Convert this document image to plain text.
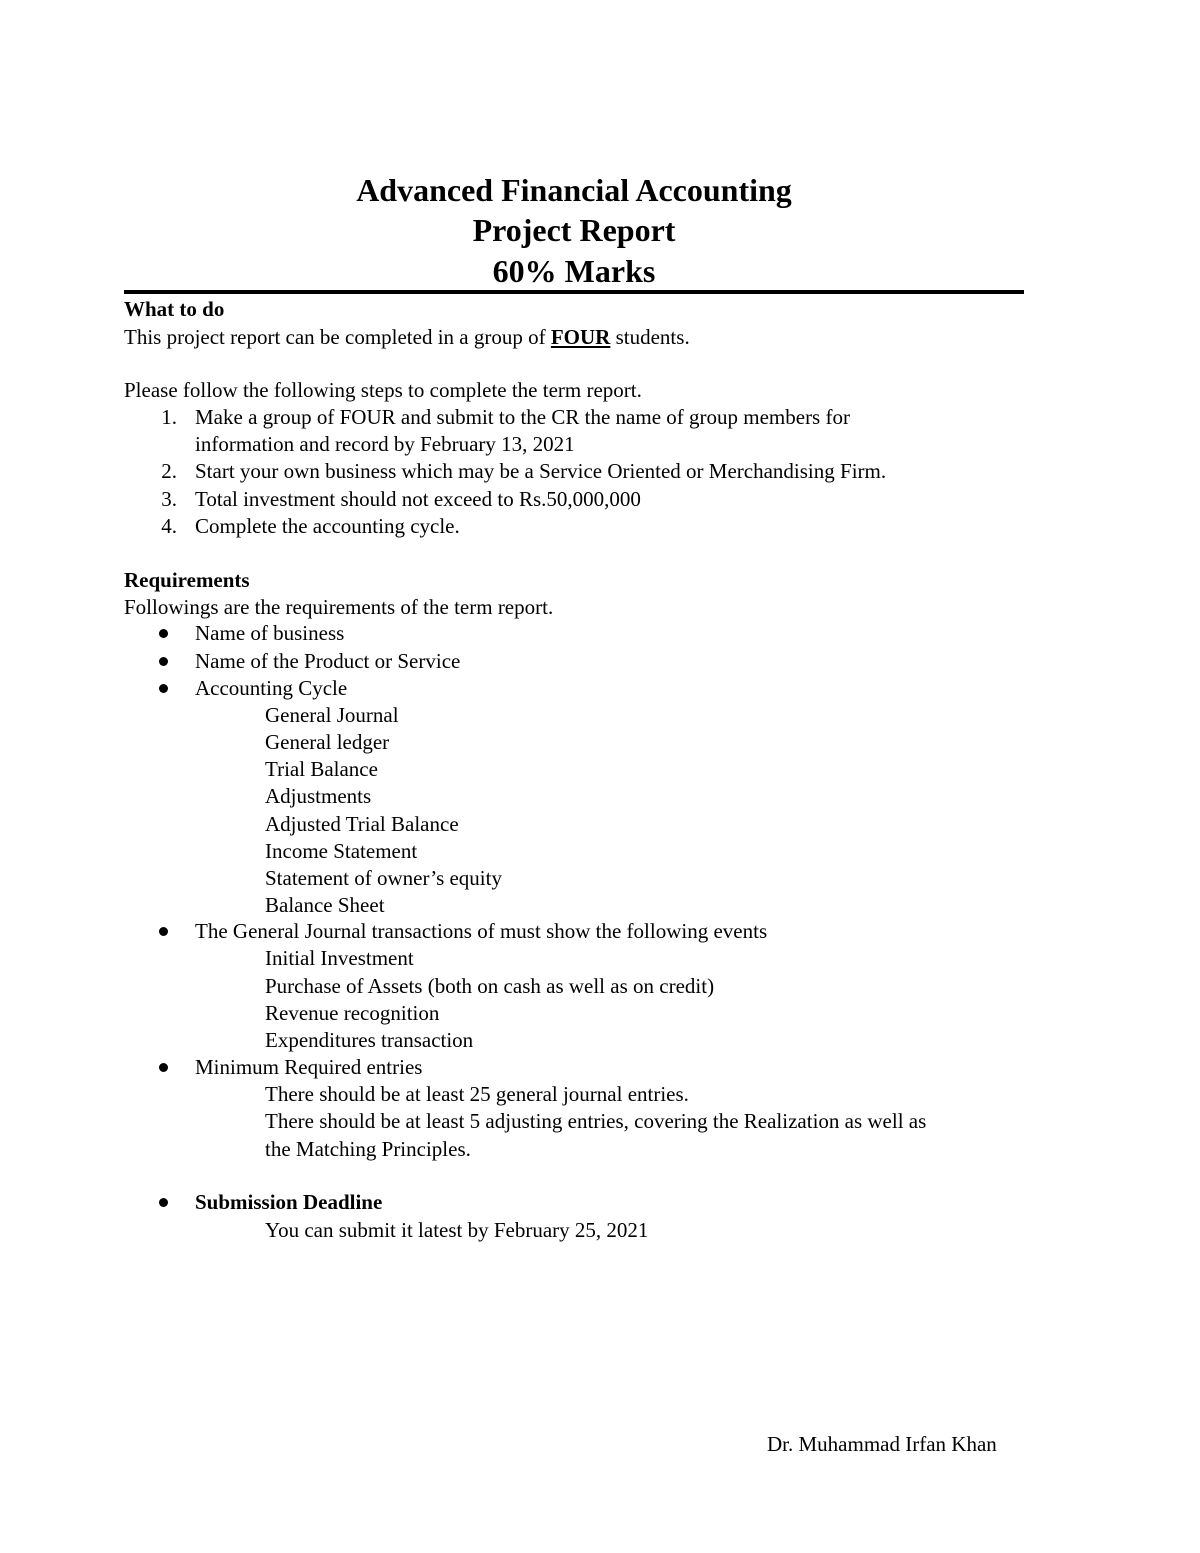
Advanced Financial Accounting
Project Report
60% Marks
What to do
This project report can be completed in a group of FOUR students.
Please follow the following steps to complete the term report.
1. Make a group of FOUR and submit to the CR the name of group members for
information and record by February 13, 2021
2. Start your own business which may be a Service Oriented or Merchandising Firm.
3. Total investment should not exceed to Rs.50,000,000
4. Complete the accounting cycle.
Requirements
Followings are the requirements of the term report.
Name of business
Name of the Product or Service
Accounting Cycle
General Journal
General ledger
Trial Balance
Adjustments
Adjusted Trial Balance
Income Statement
Statement of owner’s equity
Balance Sheet
The General Journal transactions of must show the following events
Initial Investment
Purchase of Assets (both on cash as well as on credit)
Revenue recognition
Expenditures transaction
Minimum Required entries
There should be at least 25 general journal entries.
There should be at least 5 adjusting entries, covering the Realization as well as
the Matching Principles.
Submission Deadline
You can submit it latest by February 25, 2021
Dr. Muhammad Irfan Khan
